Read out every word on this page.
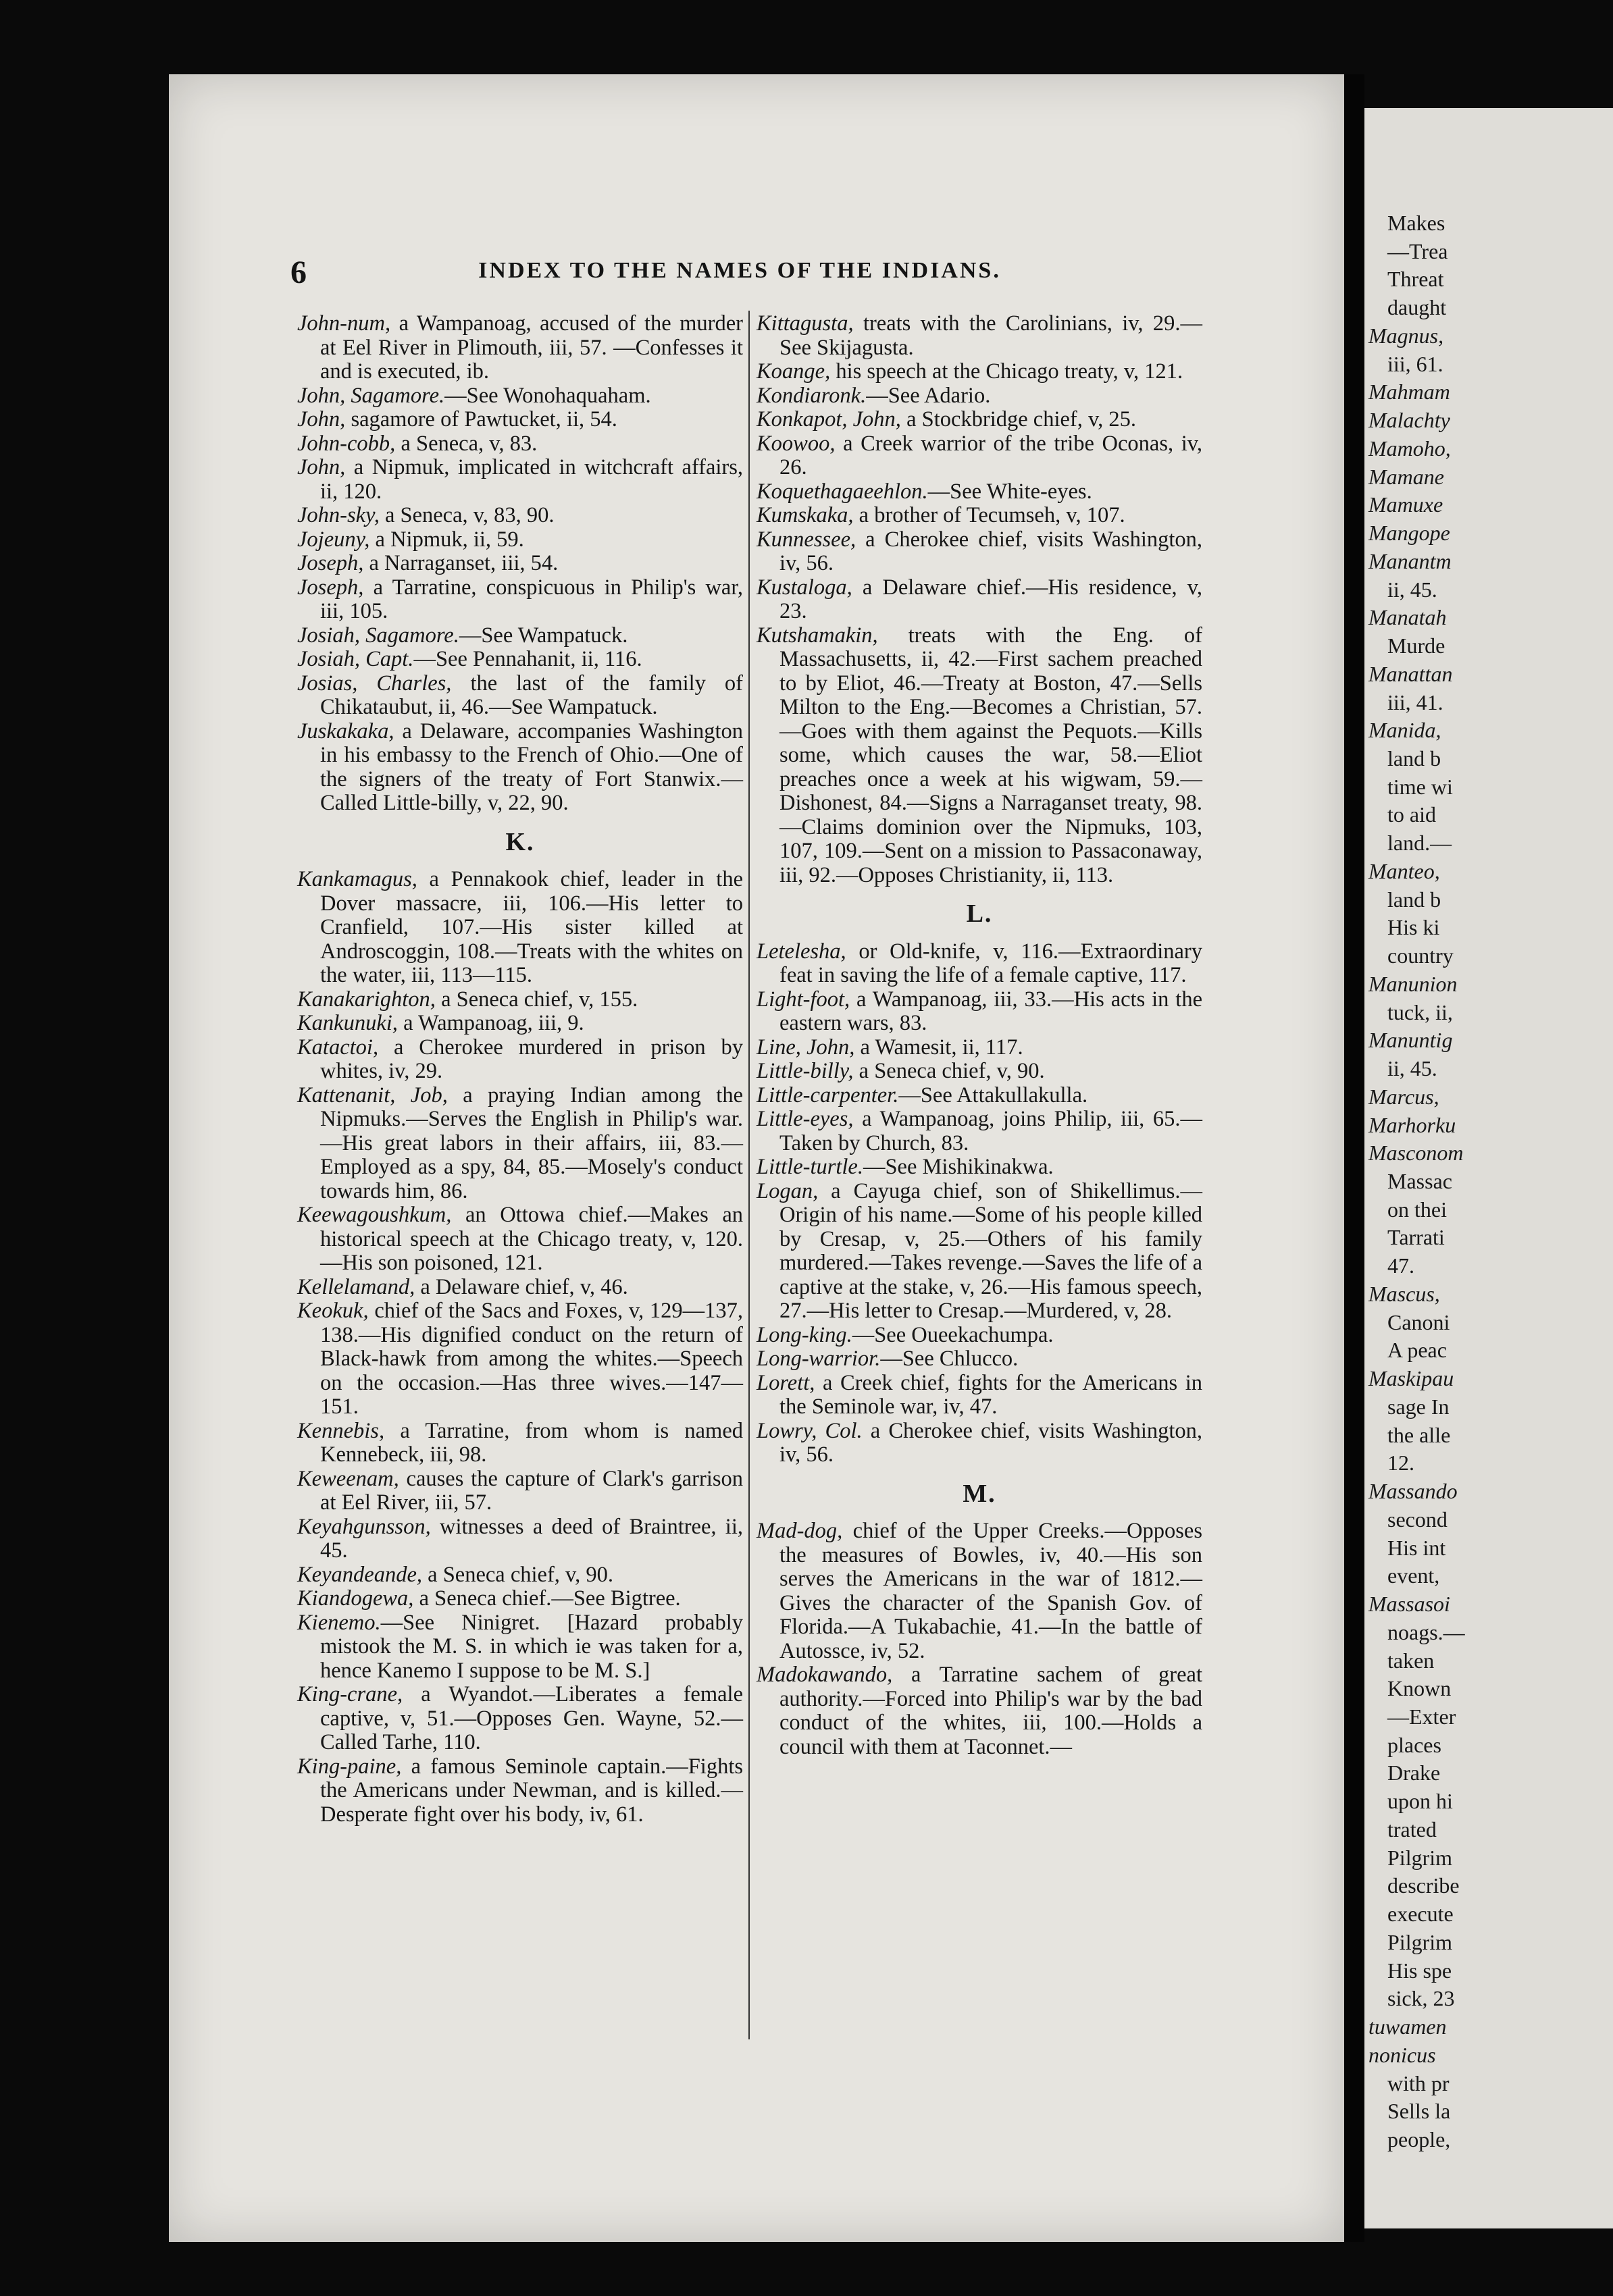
6	INDEX TO THE NAMES OF THE INDIANS.

John-num, a Wampanoag, accused of the murder at Eel River in Plimouth, iii, 57. —Confesses it and is executed, ib.

John, Sagamore.—See Wonohaquaham.

John, sagamore of Pawtucket, ii, 54.

John-cobb, a Seneca, v, 83.

John, a Nipmuk, implicated in witchcraft affairs, ii, 120.

John-sky, a Seneca, v, 83, 90.

Jojeuny, a Nipmuk, ii, 59.

Joseph, a Narraganset, iii, 54.

Joseph, a Tarratine, conspicuous in Philip's war, iii, 105.

Josiah, Sagamore.—See Wampatuck.

Josiah, Capt.—See Pennahanit, ii, 116.

Josias, Charles, the last of the family of Chikataubut, ii, 46.—See Wampatuck.

Juskakaka, a Delaware, accompanies Washington in his embassy to the French of Ohio.—One of the signers of the treaty of Fort Stanwix.—Called Little-billy, v, 22, 90.

K.

Kankamagus, a Pennakook chief, leader in the Dover massacre, iii, 106.—His letter to Cranfield, 107.—His sister killed at Androscoggin, 108.—Treats with the whites on the water, iii, 113—115.

Kanakarighton, a Seneca chief, v, 155.

Kankunuki, a Wampanoag, iii, 9.

Katactoi, a Cherokee murdered in prison by whites, iv, 29.

Kattenanit, Job, a praying Indian among the Nipmuks.—Serves the English in Philip's war.—His great labors in their affairs, iii, 83.—Employed as a spy, 84, 85.—Mosely's conduct towards him, 86.

Keewagoushkum, an Ottowa chief.—Makes an historical speech at the Chicago treaty, v, 120.—His son poisoned, 121.

Kellelamand, a Delaware chief, v, 46.

Keokuk, chief of the Sacs and Foxes, v, 129—137, 138.—His dignified conduct on the return of Black-hawk from among the whites.—Speech on the occasion.—Has three wives.—147—151.

Kennebis, a Tarratine, from whom is named Kennebeck, iii, 98.

Keweenam, causes the capture of Clark's garrison at Eel River, iii, 57.

Keyahgunsson, witnesses a deed of Braintree, ii, 45.

Keyandeande, a Seneca chief, v, 90.

Kiandogewa, a Seneca chief.—See Bigtree.

Kienemo.—See Ninigret. [Hazard probably mistook the M. S. in which ie was taken for a, hence Kanemo I suppose to be M. S.]

King-crane, a Wyandot.—Liberates a female captive, v, 51.—Opposes Gen. Wayne, 52.—Called Tarhe, 110.

King-paine, a famous Seminole captain.—Fights the Americans under Newman, and is killed.—Desperate fight over his body, iv, 61.

Kittagusta, treats with the Carolinians, iv, 29.—See Skijagusta.

Koange, his speech at the Chicago treaty, v, 121.

Kondiaronk.—See Adario.

Konkapot, John, a Stockbridge chief, v, 25.

Koowoo, a Creek warrior of the tribe Oconas, iv, 26.

Koquethagaeehlon.—See White-eyes.

Kumskaka, a brother of Tecumseh, v, 107.

Kunnessee, a Cherokee chief, visits Washington, iv, 56.

Kustaloga, a Delaware chief.—His residence, v, 23.

Kutshamakin, treats with the Eng. of Massachusetts, ii, 42.—First sachem preached to by Eliot, 46.—Treaty at Boston, 47.—Sells Milton to the Eng.—Becomes a Christian, 57.—Goes with them against the Pequots.—Kills some, which causes the war, 58.—Eliot preaches once a week at his wigwam, 59.—Dishonest, 84.—Signs a Narraganset treaty, 98.—Claims dominion over the Nipmuks, 103, 107, 109.—Sent on a mission to Passaconaway, iii, 92.—Opposes Christianity, ii, 113.

L.

Letelesha, or Old-knife, v, 116.—Extraordinary feat in saving the life of a female captive, 117.

Light-foot, a Wampanoag, iii, 33.—His acts in the eastern wars, 83.

Line, John, a Wamesit, ii, 117.

Little-billy, a Seneca chief, v, 90.

Little-carpenter.—See Attakullakulla.

Little-eyes, a Wampanoag, joins Philip, iii, 65.—Taken by Church, 83.

Little-turtle.—See Mishikinakwa.

Logan, a Cayuga chief, son of Shikellimus.—Origin of his name.—Some of his people killed by Cresap, v, 25.—Others of his family murdered.—Takes revenge.—Saves the life of a captive at the stake, v, 26.—His famous speech, 27.—His letter to Cresap.—Murdered, v, 28.

Long-king.—See Oueekachumpa.

Long-warrior.—See Chlucco.

Lorett, a Creek chief, fights for the Americans in the Seminole war, iv, 47.

Lowry, Col. a Cherokee chief, visits Washington, iv, 56.

M.

Mad-dog, chief of the Upper Creeks.—Opposes the measures of Bowles, iv, 40.—His son serves the Americans in the war of 1812.—Gives the character of the Spanish Gov. of Florida.—A Tukabachie, 41.—In the battle of Autossce, iv, 52.

Madokawando, a Tarratine sachem of great authority.—Forced into Philip's war by the bad conduct of the whites, iii, 100.—Holds a council with them at Taconnet.—

Makes
—Trea
Threat
daught
Magnus,
iii, 61.
Mahmam
Malachty
Mamoho,
Mamane
Mamuxe
Mangope
Manantm
ii, 45.
Manatah
Murde
Manattan
iii, 41.
Manida,
land b
time wi
to aid
land.—
Manteo,
land b
His ki
country
Manunion
tuck, ii,
Manuntig
ii, 45.
Marcus,
Marhorku
Masconom
Massac
on thei
Tarrati
47.
Mascus,
Canoni
A peac
Maskipau
sage In
the alle
12.
Massando
second
His int
event,
Massasoi
noags.—
taken
Known
—Exter
places
Drake
upon hi
trated
Pilgrim
describe
execute
Pilgrim
His spe
sick, 23
tuwamen
nonicus
with pr
Sells la
people,
